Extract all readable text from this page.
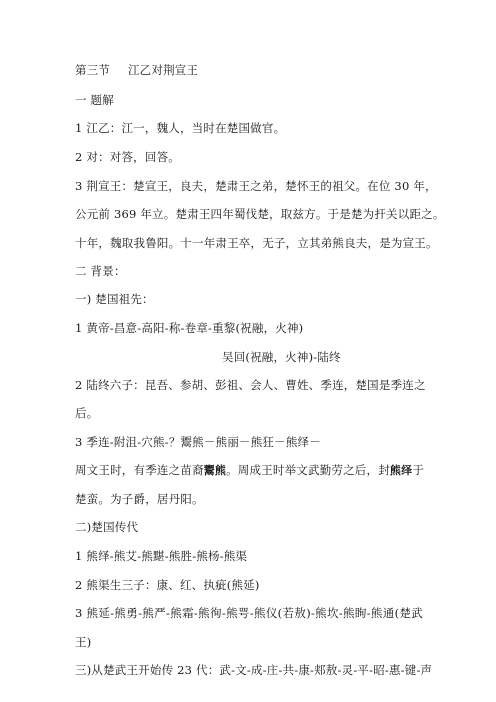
第三节 江乙对荆宣王
一 题解
1 江乙：江一，魏人，当时在楚国做官。
2 对：对答，回答。
3 荆宣王：楚宣王，良夫，楚肃王之弟，楚怀王的祖父。在位 30 年，
公元前 369 年立。楚肃王四年蜀伐楚，取兹方。于是楚为扞关以距之。
十年，魏取我鲁阳。十一年肃王卒，无子，立其弟熊良夫，是为宣王。
二 背景：
一) 楚国祖先：
1 黄帝-昌意-高阳-称-卷章-重黎(祝融，火神)
吴回(祝融，火神)-陆终
2 陆终六子：昆吾、参胡、彭祖、会人、曹姓、季连，楚国是季连之
后。
3 季连-附沮-穴熊-？鬻熊－熊丽－熊狂－熊绎－
周文王时，有季连之苗裔鬻熊。周成王时举文武勤劳之后，封熊绎于
楚蛮。为子爵，居丹阳。
二)楚国传代
1 熊绎-熊艾-熊黮-熊胜-熊杨-熊渠
2 熊渠生三子：康、红、执疵(熊延)
3 熊延-熊勇-熊严-熊霜-熊徇-熊咢-熊仪(若敖)-熊坎-熊眴-熊通(楚武
王)
三)从楚武王开始传 23 代：武-文-成-庄-共-康-郏敖-灵-平-昭-惠-键-声
